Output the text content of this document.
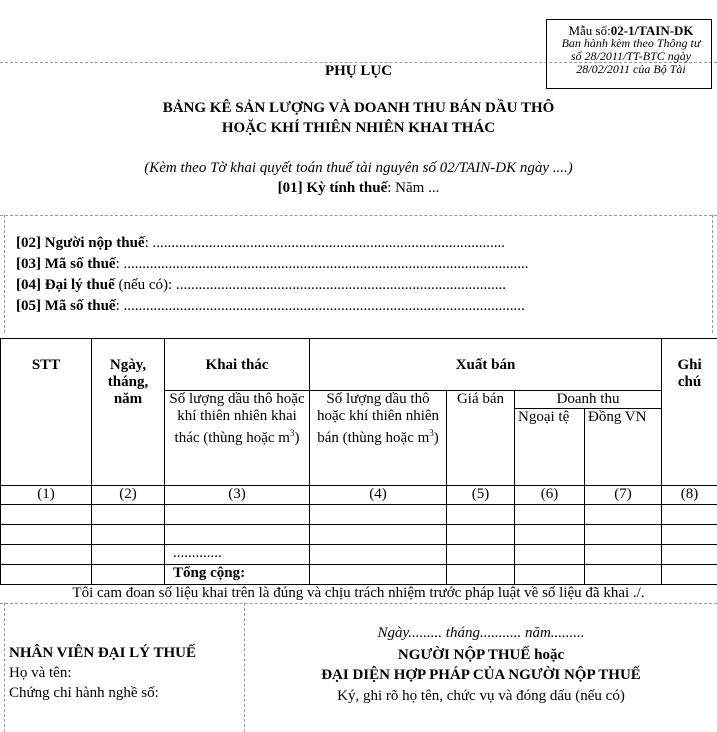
Mẫu số:02-1/TAIN-DK
Ban hành kèm theo Thông tư
số 28/2011/TT-BTC ngày
28/02/2011 của Bộ Tài
PHỤ LỤC
BẢNG KÊ SẢN LƯỢNG VÀ DOANH THU BÁN DẦU THÔ
HOẶC KHÍ THIÊN NHIÊN KHAI THÁC
(Kèm theo Tờ khai quyết toán thuế tài nguyên số 02/TAIN-DK ngày ....)
[01] Kỳ tính thuế: Năm ...
[02] Người nộp thuế: ..............................................................................................
[03] Mã số thuế: ............................................................................................................
[04] Đại lý thuế (nếu có): ........................................................................................
[05] Mã số thuế: ...........................................................................................................
STT	Ngày, tháng, năm	Khai thác	Xuất bán				Ghi chú
		Số lượng dầu thô hoặc khí thiên nhiên khai thác (thùng hoặc $m^3$)	Số lượng dầu thô hoặc khí thiên nhiên bán (thùng hoặc $m^3$)	Giá bán	Doanh thu		
					Ngoại tệ	Đồng VN	
(1)	(2)	(3)	(4)	(5)	(6)	(7)	(8)

		.............					
		Tổng cộng:					
Tôi cam đoan số liệu khai trên là đúng và chịu trách nhiệm trước pháp luật về số liệu đã khai ./.
Ngày......... tháng........... năm.........
NGƯỜI NỘP THUẾ hoặc
ĐẠI DIỆN HỢP PHÁP CỦA NGƯỜI NỘP THUẾ
Ký, ghi rõ họ tên, chức vụ và đóng dấu (nếu có)
NHÂN VIÊN ĐẠI LÝ THUẾ
Họ và tên:
Chứng chỉ hành nghề số:
